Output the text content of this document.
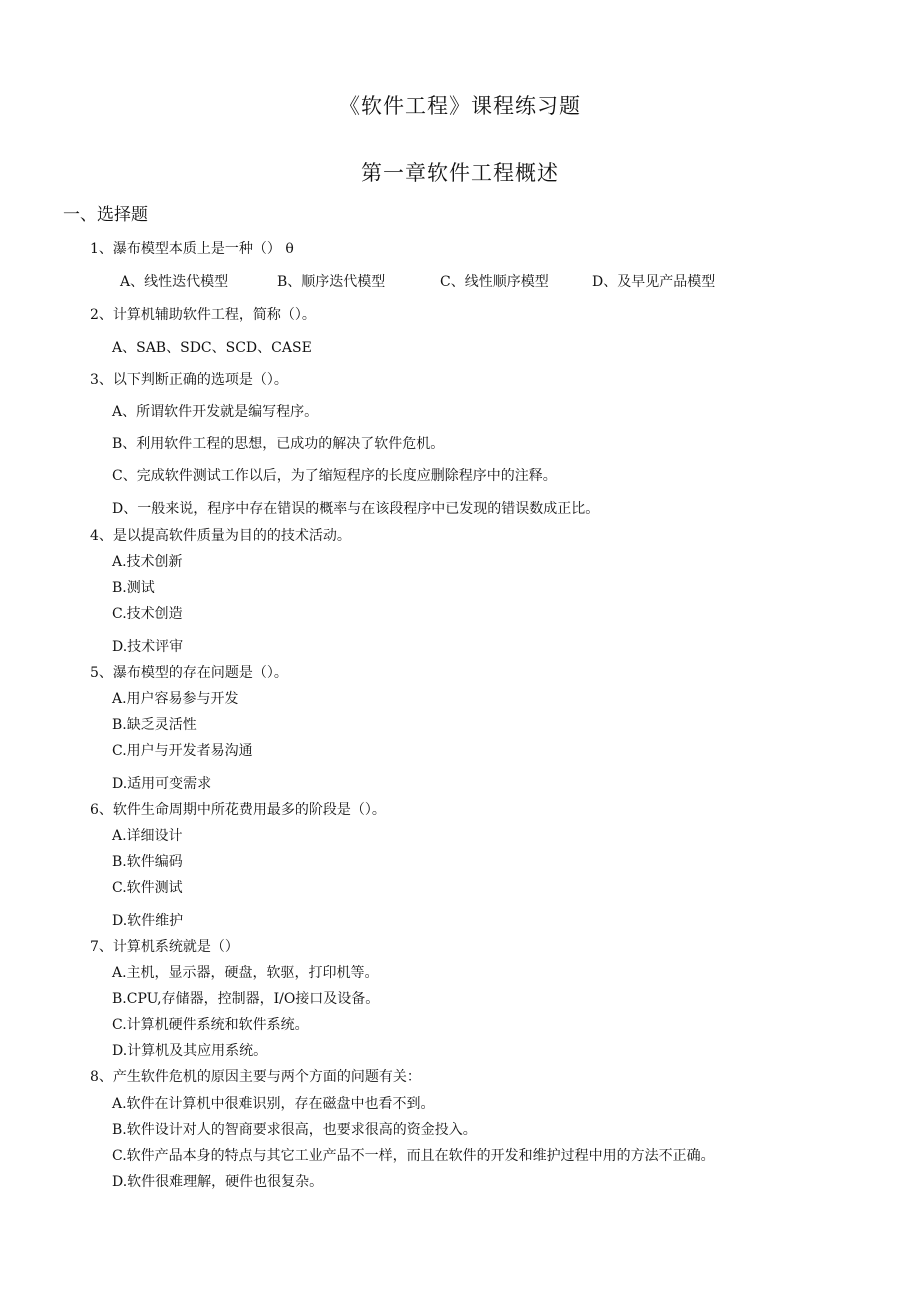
《软件工程》课程练习题
第一章软件工程概述
一、选择题
1、瀑布模型本质上是一种（） θ
A、线性迭代模型	B、顺序迭代模型	C、线性顺序模型	D、及早见产品模型
2、计算机辅助软件工程，简称（）。
A、SAB、SDC、SCD、CASE
3、以下判断正确的选项是（）。
A、所谓软件开发就是编写程序。
B、利用软件工程的思想，已成功的解决了软件危机。
C、完成软件测试工作以后，为了缩短程序的长度应删除程序中的注释。
D、一般来说，程序中存在错误的概率与在该段程序中已发现的错误数成正比。
4、是以提高软件质量为目的的技术活动。
A.技术创新
B.测试
C.技术创造
D.技术评审
5、瀑布模型的存在问题是（）。
A.用户容易参与开发
B.缺乏灵活性
C.用户与开发者易沟通
D.适用可变需求
6、软件生命周期中所花费用最多的阶段是（）。
A.详细设计
B.软件编码
C.软件测试
D.软件维护
7、计算机系统就是（）
A.主机，显示器，硬盘，软驱，打印机等。
B.CPU,存储器，控制器，I/O接口及设备。
C.计算机硬件系统和软件系统。
D.计算机及其应用系统。
8、产生软件危机的原因主要与两个方面的问题有关：
A.软件在计算机中很难识别，存在磁盘中也看不到。
B.软件设计对人的智商要求很高，也要求很高的资金投入。
C.软件产品本身的特点与其它工业产品不一样，而且在软件的开发和维护过程中用的方法不正确。
D.软件很难理解，硬件也很复杂。
